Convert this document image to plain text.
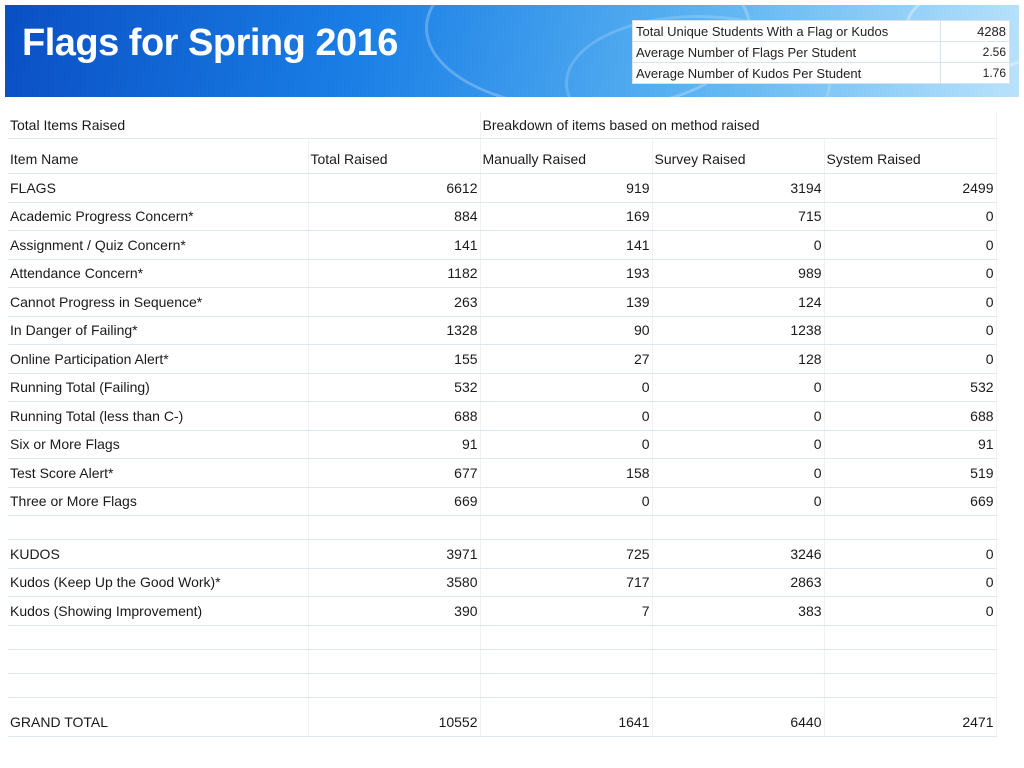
Flags for Spring 2016	Total Unique Students With a Flag or Kudos	4288
Average Number of Flags Per Student	2.56
Average Number of Kudos Per Student	1.76
Total Items Raised		Breakdown of items based on method raised		
Item Name	Total Raised	Manually Raised	Survey Raised	System Raised
FLAGS	6612	919	3194	2499
Academic Progress Concern*	884	169	715	0
Assignment / Quiz Concern*	141	141	0	0
Attendance Concern*	1182	193	989	0
Cannot Progress in Sequence*	263	139	124	0
In Danger of Failing*	1328	90	1238	0
Online Participation Alert*	155	27	128	0
Running Total (Failing)	532	0	0	532
Running Total (less than C-)	688	0	0	688
Six or More Flags	91	0	0	91
Test Score Alert*	677	158	0	519
Three or More Flags	669	0	0	669

KUDOS	3971	725	3246	0
Kudos (Keep Up the Good Work)*	3580	717	2863	0
Kudos (Showing Improvement)	390	7	383	0

GRAND TOTAL	10552	1641	6440	2471
